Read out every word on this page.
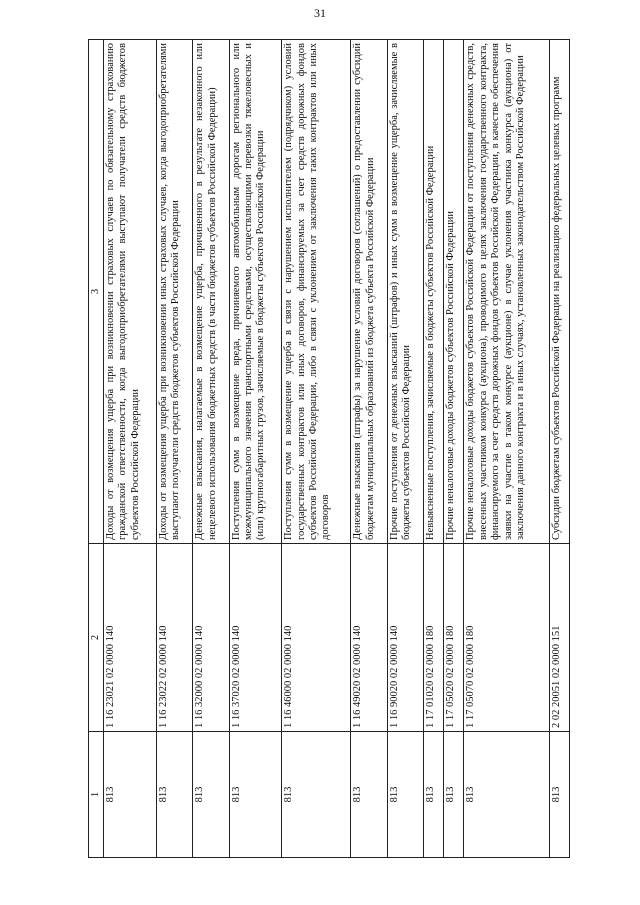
31
1	2	3
813	1 16 23021 02 0000 140	Доходы от возмещения ущерба при возникновении страховых случаев по обязательному страхованию гражданской ответственности, когда выгодоприобретателями выступают получатели средств бюджетов субъектов Российской Федерации
813	1 16 23022 02 0000 140	Доходы от возмещения ущерба при возникновении иных страховых случаев, когда выгодоприобретателями выступают получатели средств бюджетов субъектов Российской Федерации
813	1 16 32000 02 0000 140	Денежные взыскания, налагаемые в возмещение ущерба, причиненного в результате незаконного или нецелевого использования бюджетных средств (в части бюджетов субъектов Российской Федерации)
813	1 16 37020 02 0000 140	Поступления сумм в возмещение вреда, причиняемого автомобильным дорогам регионального или межмуниципального значения транспортными средствами, осуществляющими перевозки тяжеловесных и (или) крупногабаритных грузов, зачисляемые в бюджеты субъектов Российской Федерации
813	1 16 46000 02 0000 140	Поступления сумм в возмещение ущерба в связи с нарушением исполнителем (подрядчиком) условий государственных контрактов или иных договоров, финансируемых за счет средств дорожных фондов субъектов Российской Федерации, либо в связи с уклонением от заключения таких контрактов или иных договоров
813	1 16 49020 02 0000 140	Денежные взыскания (штрафы) за нарушение условий договоров (соглашений) о предоставлении субсидий бюджетам муниципальных образований из бюджета субъекта Российской Федерации
813	1 16 90020 02 0000 140	Прочие поступления от денежных взысканий (штрафов) и иных сумм в возмещение ущерба, зачисляемые в бюджеты субъектов Российской Федерации
813	1 17 01020 02 0000 180	Невыясненные поступления, зачисляемые в бюджеты субъектов Российской Федерации
813	1 17 05020 02 0000 180	Прочие неналоговые доходы бюджетов субъектов Российской Федерации
813	1 17 05070 02 0000 180	Прочие неналоговые доходы бюджетов субъектов Российской Федерации от поступления денежных средств, внесенных участником конкурса (аукциона), проводимого в целях заключения государственного контракта, финансируемого за счет средств дорожных фондов субъектов Российской Федерации, в качестве обеспечения заявки на участие в таком конкурсе (аукционе) в случае уклонения участника конкурса (аукциона) от заключения данного контракта и в иных случаях, установленных законодательством Российской Федерации
813	2 02 20051 02 0000 151	Субсидии бюджетам субъектов Российской Федерации на реализацию федеральных целевых программ
